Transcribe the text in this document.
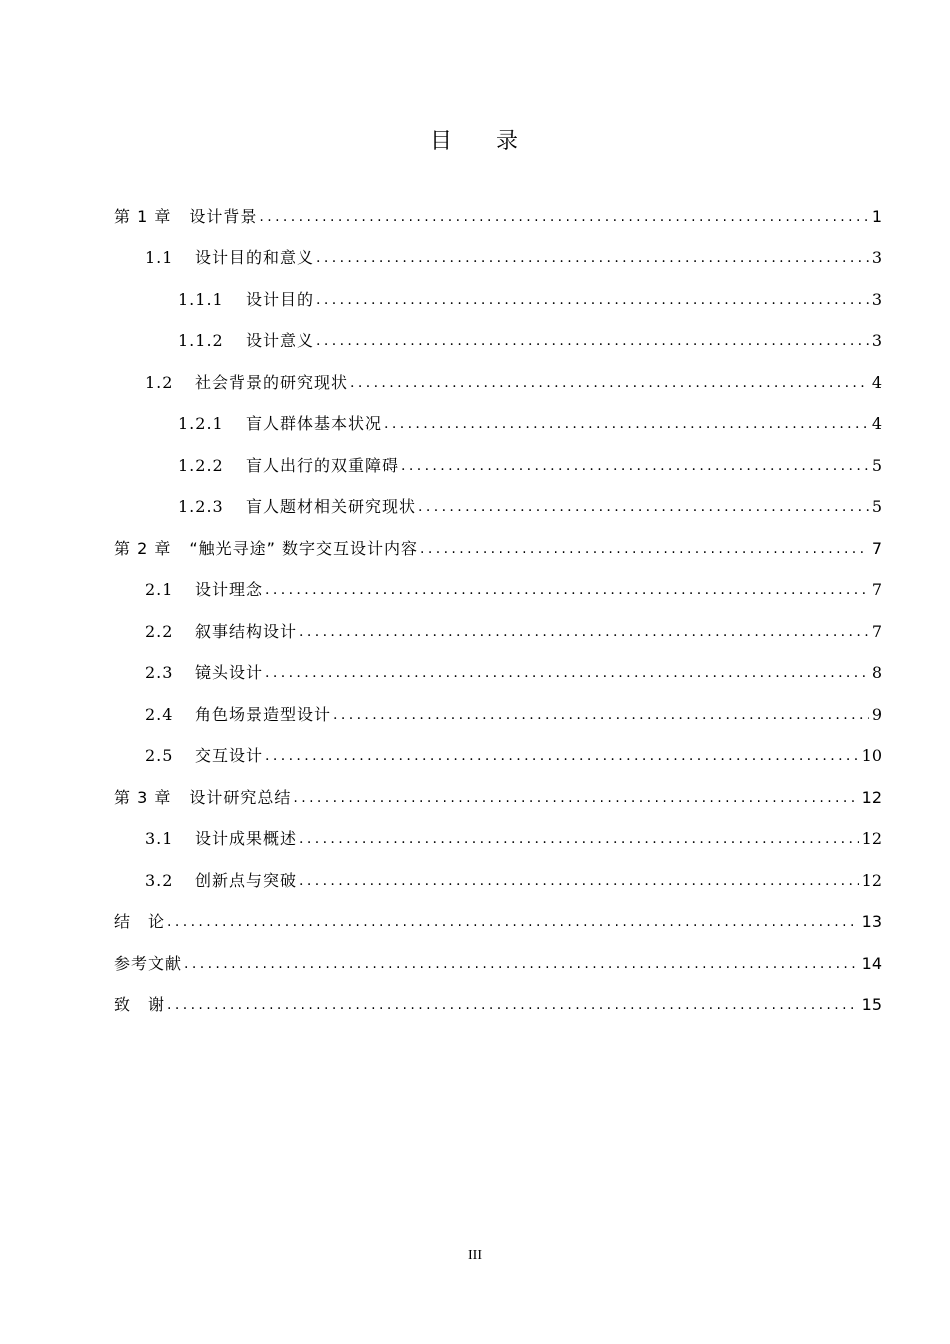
目 录
第 1 章 设计背景 .....	1
1.1	设计目的和意义 .....	3
1.1.1	设计目的 .....	3
1.1.2	设计意义 .....	3
1.2	社会背景的研究现状 .....	4
1.2.1	盲人群体基本状况 .....	4
1.2.2	盲人出行的双重障碍 .....	5
1.2.3	盲人题材相关研究现状 .....	5
第 2 章 “触光寻途” 数字交互设计内容 .....	7
2.1	设计理念 .....	7
2.2	叙事结构设计 .....	7
2.3	镜头设计 .....	8
2.4	角色场景造型设计 .....	9
2.5	交互设计 .....	10
第 3 章 设计研究总结 .....	12
3.1	设计成果概述 .....	12
3.2	创新点与突破 .....	12
结　论 .....	13
参考文献 .....	14
致　谢 .....	15
III
